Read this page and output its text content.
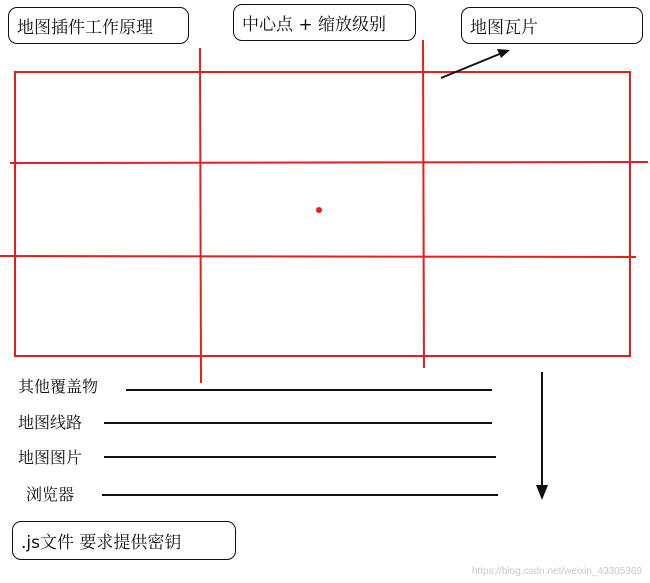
地图插件工作原理	中心点 + 缩放级别	地图瓦片
其他覆盖物
地图线路
地图图片
浏览器
.js文件 要求提供密钥
https://blog.csdn.net/weixin_43305369
